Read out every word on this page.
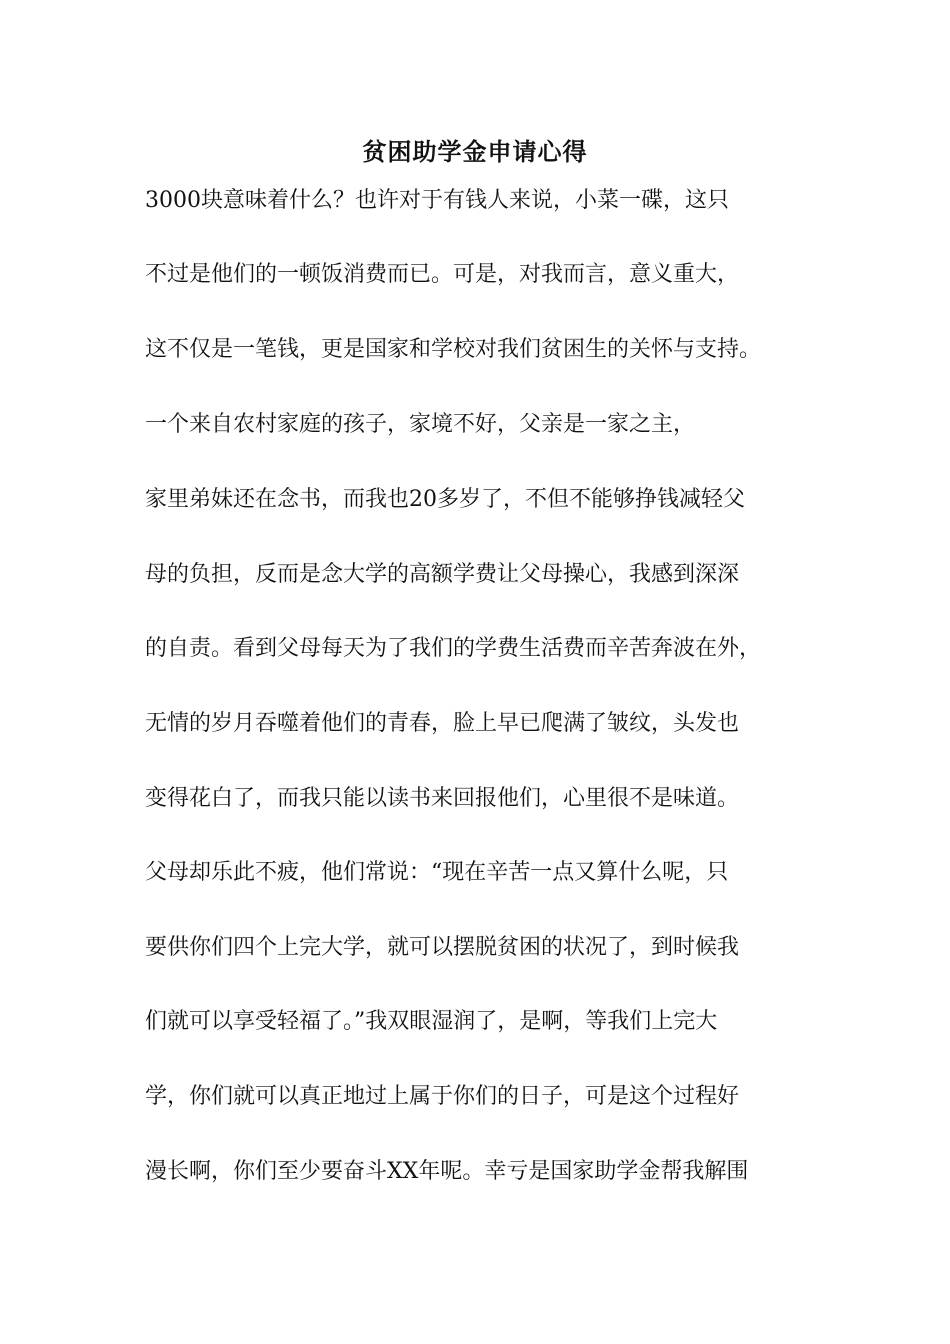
贫困助学金申请心得
3000块意味着什么？也许对于有钱人来说，小菜一碟，这只
不过是他们的一顿饭消费而已。可是，对我而言，意义重大，
这不仅是一笔钱，更是国家和学校对我们贫困生的关怀与支持。
一个来自农村家庭的孩子，家境不好，父亲是一家之主，
家里弟妹还在念书，而我也20多岁了，不但不能够挣钱减轻父
母的负担，反而是念大学的高额学费让父母操心，我感到深深
的自责。看到父母每天为了我们的学费生活费而辛苦奔波在外，
无情的岁月吞噬着他们的青春，脸上早已爬满了皱纹，头发也
变得花白了，而我只能以读书来回报他们，心里很不是味道。
父母却乐此不疲，他们常说：“现在辛苦一点又算什么呢，只
要供你们四个上完大学，就可以摆脱贫困的状况了，到时候我
们就可以享受轻福了。”我双眼湿润了，是啊，等我们上完大
学，你们就可以真正地过上属于你们的日子，可是这个过程好
漫长啊，你们至少要奋斗XX年呢。幸亏是国家助学金帮我解围
